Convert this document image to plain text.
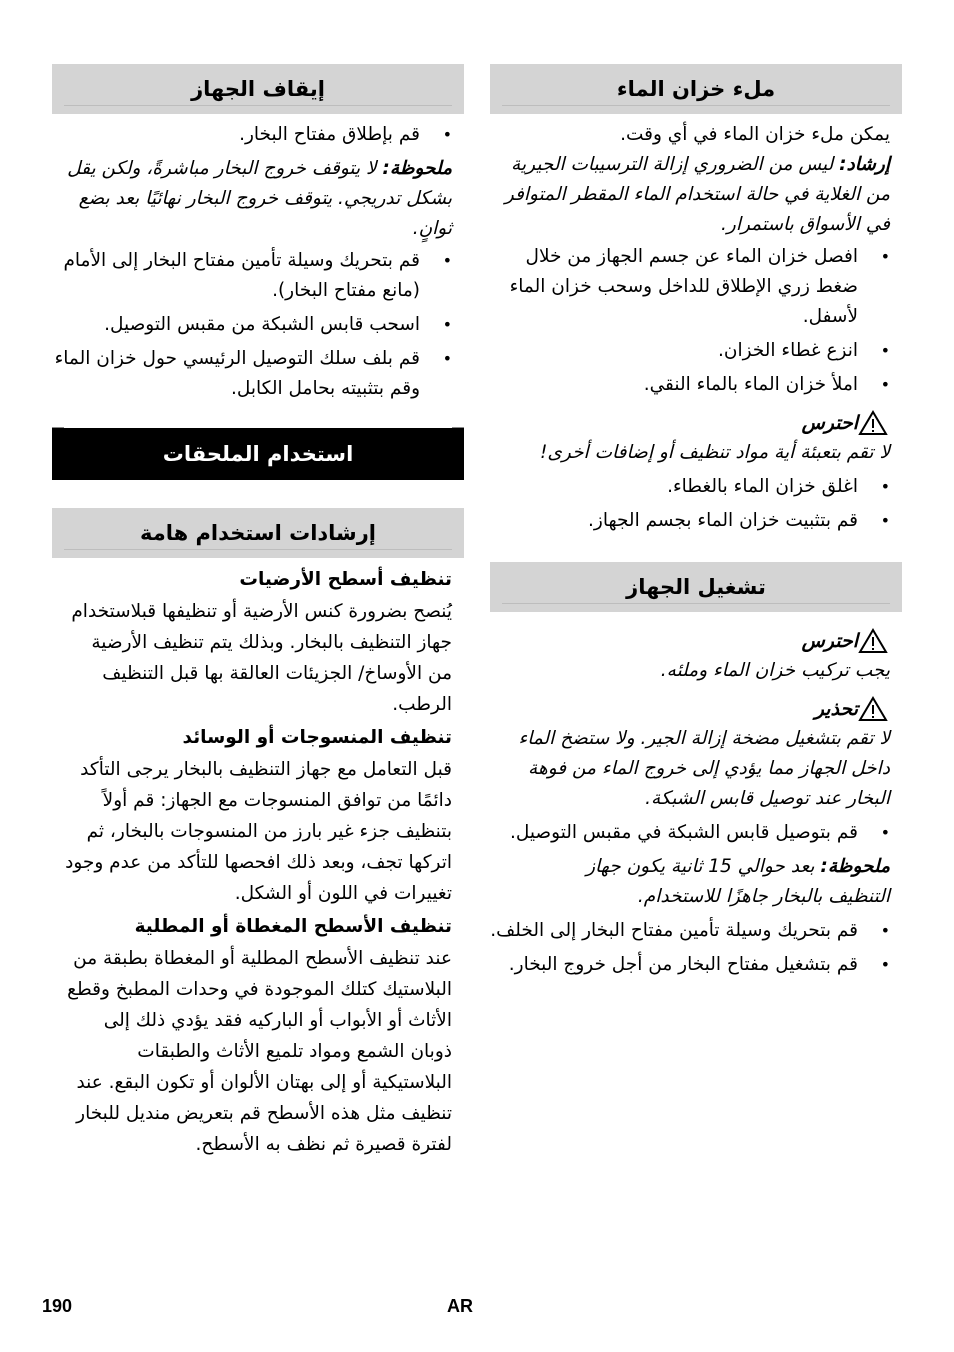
ملء خزان الماء

يمكن ملء خزان الماء في أي وقت.

إرشاد: ليس من الضروري إزالة الترسيبات الجيرية من الغلاية في حالة استخدام الماء المقطر المتوافر في الأسواق باستمرار.

• افصل خزان الماء عن جسم الجهاز من خلال ضغط زري الإطلاق للداخل وسحب خزان الماء لأسفل.
• انزع غطاء الخزان.
• املأ خزان الماء بالماء النقي.
احترس

لا تقم بتعبئة أية مواد تنظيف أو إضافات أخرى!

• اغلق خزان الماء بالغطاء.
• قم بتثبيت خزان الماء بجسم الجهاز.
تشغيل الجهاز
احترس

يجب تركيب خزان الماء وملئه.

تحذير

لا تقم بتشغيل مضخة إزالة الجير. ولا ستضخ الماء داخل الجهاز مما يؤدي إلى خروج الماء من فوهة البخار عند توصيل قابس الشبكة.

• قم بتوصيل قابس الشبكة في مقبس التوصيل.

ملحوظة: بعد حوالي 15 ثانية يكون جهاز التنظيف بالبخار جاهزًا للاستخدام.

• قم بتحريك وسيلة تأمين مفتاح البخار إلى الخلف.
• قم بتشغيل مفتاح البخار من أجل خروج البخار.
إيقاف الجهاز
• قم بإطلاق مفتاح البخار.

ملحوظة: لا يتوقف خروج البخار مباشرةً، ولكن يقل بشكل تدريجي. يتوقف خروج البخار نهائيًا بعد بضع ثوانٍ.

• قم بتحريك وسيلة تأمين مفتاح البخار إلى الأمام (مانع مفتاح البخار).
• اسحب قابس الشبكة من مقبس التوصيل.
• قم بلف سلك التوصيل الرئيسي حول خزان الماء وقم بتثبيته بحامل الكابل.
استخدام الملحقات
إرشادات استخدام هامة
تنظيف أسطح الأرضيات

يُنصح بضرورة كنس الأرضية أو تنظيفها قبلاستخدام جهاز التنظيف بالبخار. وبذلك يتم تنظيف الأرضية من الأوساخ/ الجزيئات العالقة بها قبل التنظيف الرطب.

تنظيف المنسوجات أو الوسائد

قبل التعامل مع جهاز التنظيف بالبخار يرجى التأكد دائمًا من توافق المنسوجات مع الجهاز: قم أولاً بتنظيف جزء غير بارز من المنسوجات بالبخار، ثم اتركها تجف، وبعد ذلك افحصها للتأكد من عدم وجود تغييرات في اللون أو الشكل.

تنظيف الأسطح المغطاة أو المطلية

عند تنظيف الأسطح المطلية أو المغطاة بطبقة من البلاستيك كتلك الموجودة في وحدات المطبخ وقطع الأثاث أو الأبواب أو الباركيه فقد يؤدي ذلك إلى ذوبان الشمع ومواد تلميع الأثاث والطبقات البلاستيكية أو إلى بهتان الألوان أو تكون البقع. عند تنظيف مثل هذه الأسطح قم بتعريض منديل للبخار لفترة قصيرة ثم نظف به الأسطح.

190	AR
